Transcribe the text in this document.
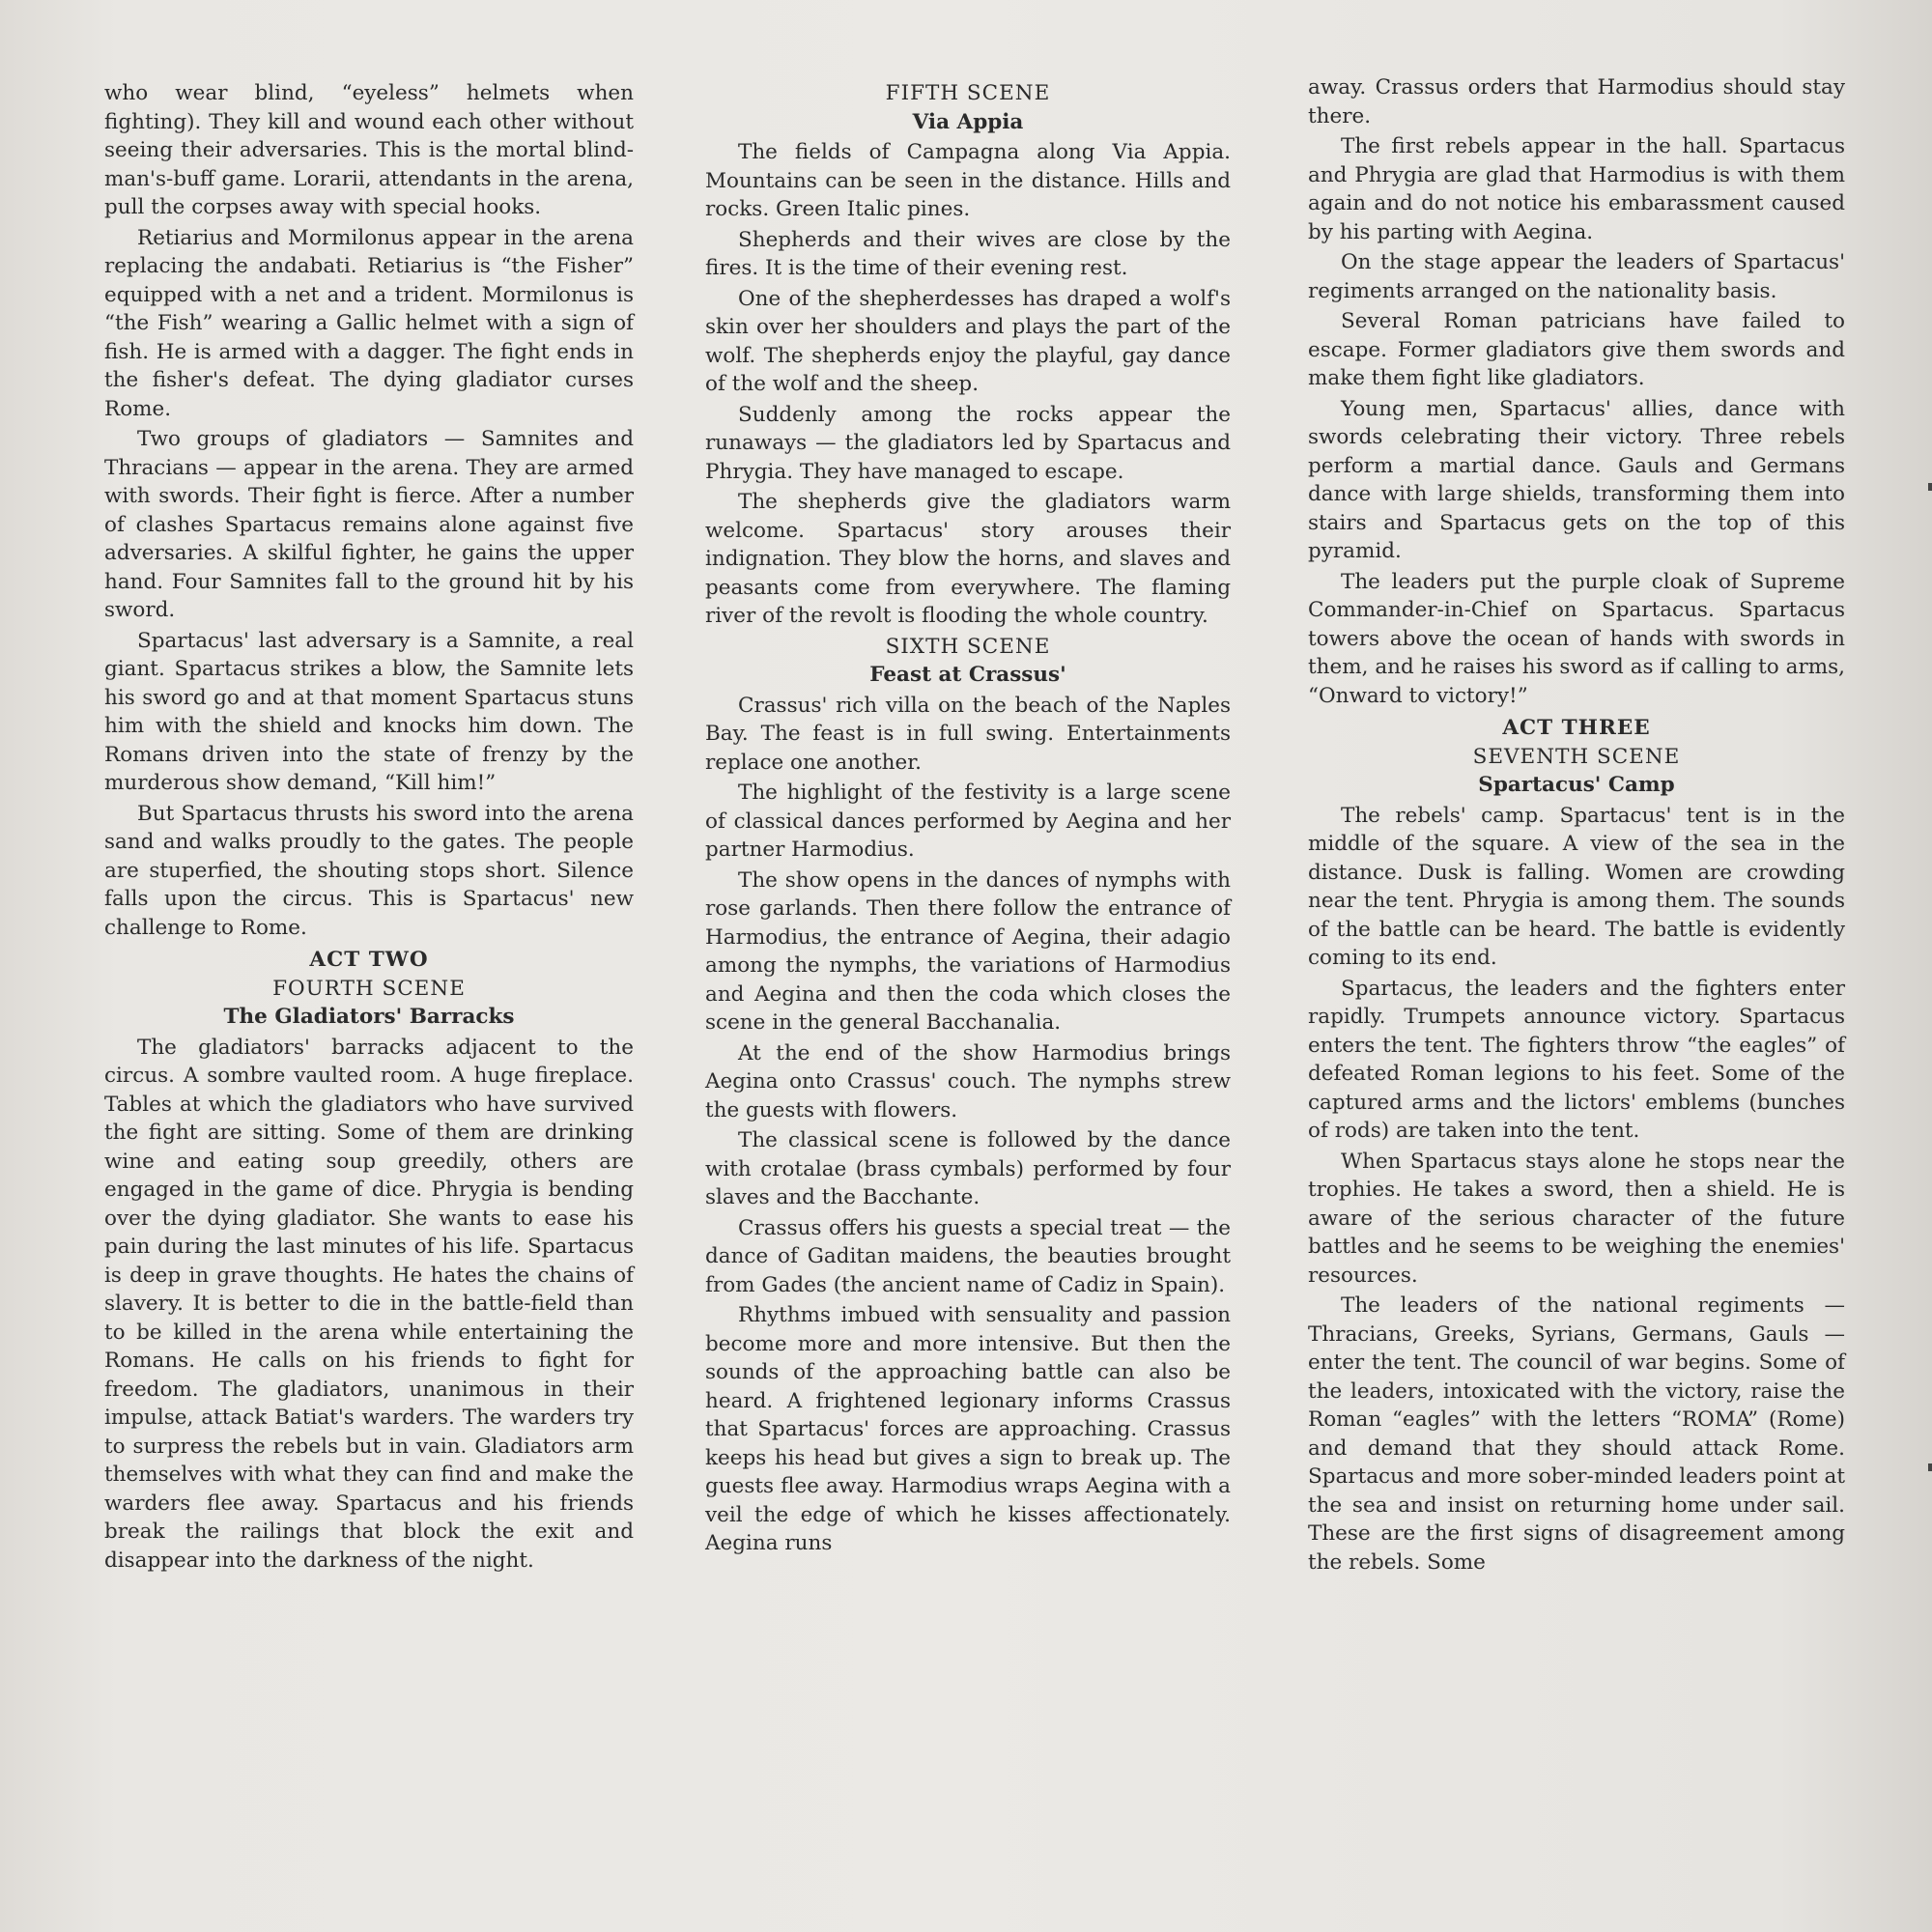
who wear blind, “eyeless” helmets when fighting). They kill and wound each other without seeing their adversaries. This is the mortal blind-man's-buff game. Lorarii, attendants in the arena, pull the corpses away with special hooks.

Retiarius and Mormilonus appear in the arena replacing the andabati. Retiarius is “the Fisher” equipped with a net and a trident. Mormilonus is “the Fish” wearing a Gallic helmet with a sign of fish. He is armed with a dagger. The fight ends in the fisher's defeat. The dying gladiator curses Rome.

Two groups of gladiators — Samnites and Thracians — appear in the arena. They are armed with swords. Their fight is fierce. After a number of clashes Spartacus remains alone against five adversaries. A skilful fighter, he gains the upper hand. Four Samnites fall to the ground hit by his sword.

Spartacus' last adversary is a Samnite, a real giant. Spartacus strikes a blow, the Samnite lets his sword go and at that moment Spartacus stuns him with the shield and knocks him down. The Romans driven into the state of frenzy by the murderous show demand, “Kill him!”

But Spartacus thrusts his sword into the arena sand and walks proudly to the gates. The people are stuperfied, the shouting stops short. Silence falls upon the circus. This is Spartacus' new challenge to Rome.

ACT TWO
FOURTH SCENE
The Gladiators' Barracks

The gladiators' barracks adjacent to the circus. A sombre vaulted room. A huge fireplace. Tables at which the gladiators who have survived the fight are sitting. Some of them are drinking wine and eating soup greedily, others are engaged in the game of dice. Phrygia is bending over the dying gladiator. She wants to ease his pain during the last minutes of his life. Spartacus is deep in grave thoughts. He hates the chains of slavery. It is better to die in the battle-field than to be killed in the arena while entertaining the Romans. He calls on his friends to fight for freedom. The gladiators, unanimous in their impulse, attack Batiat's warders. The warders try to surpress the rebels but in vain. Gladiators arm themselves with what they can find and make the warders flee away. Spartacus and his friends break the railings that block the exit and disappear into the darkness of the night.

FIFTH SCENE
Via Appia

The fields of Campagna along Via Appia. Mountains can be seen in the distance. Hills and rocks. Green Italic pines.

Shepherds and their wives are close by the fires. It is the time of their evening rest.

One of the shepherdesses has draped a wolf's skin over her shoulders and plays the part of the wolf. The shepherds enjoy the playful, gay dance of the wolf and the sheep.

Suddenly among the rocks appear the runaways — the gladiators led by Spartacus and Phrygia. They have managed to escape.

The shepherds give the gladiators warm welcome. Spartacus' story arouses their indignation. They blow the horns, and slaves and peasants come from everywhere. The flaming river of the revolt is flooding the whole country.

SIXTH SCENE
Feast at Crassus'

Crassus' rich villa on the beach of the Naples Bay. The feast is in full swing. Entertainments replace one another.

The highlight of the festivity is a large scene of classical dances performed by Aegina and her partner Harmodius.

The show opens in the dances of nymphs with rose garlands. Then there follow the entrance of Harmodius, the entrance of Aegina, their adagio among the nymphs, the variations of Harmodius and Aegina and then the coda which closes the scene in the general Bacchanalia.

At the end of the show Harmodius brings Aegina onto Crassus' couch. The nymphs strew the guests with flowers.

The classical scene is followed by the dance with crotalae (brass cymbals) performed by four slaves and the Bacchante.

Crassus offers his guests a special treat — the dance of Gaditan maidens, the beauties brought from Gades (the ancient name of Cadiz in Spain).

Rhythms imbued with sensuality and passion become more and more intensive. But then the sounds of the approaching battle can also be heard. A frightened legionary informs Crassus that Spartacus' forces are approaching. Crassus keeps his head but gives a sign to break up. The guests flee away. Harmodius wraps Aegina with a veil the edge of which he kisses affectionately. Aegina runs

away. Crassus orders that Harmodius should stay there.

The first rebels appear in the hall. Spartacus and Phrygia are glad that Harmodius is with them again and do not notice his embarassment caused by his parting with Aegina.

On the stage appear the leaders of Spartacus' regiments arranged on the nationality basis.

Several Roman patricians have failed to escape. Former gladiators give them swords and make them fight like gladiators.

Young men, Spartacus' allies, dance with swords celebrating their victory. Three rebels perform a martial dance. Gauls and Germans dance with large shields, transforming them into stairs and Spartacus gets on the top of this pyramid.

The leaders put the purple cloak of Supreme Commander-in-Chief on Spartacus. Spartacus towers above the ocean of hands with swords in them, and he raises his sword as if calling to arms, “Onward to victory!”

ACT THREE
SEVENTH SCENE
Spartacus' Camp

The rebels' camp. Spartacus' tent is in the middle of the square. A view of the sea in the distance. Dusk is falling. Women are crowding near the tent. Phrygia is among them. The sounds of the battle can be heard. The battle is evidently coming to its end.

Spartacus, the leaders and the fighters enter rapidly. Trumpets announce victory. Spartacus enters the tent. The fighters throw “the eagles” of defeated Roman legions to his feet. Some of the captured arms and the lictors' emblems (bunches of rods) are taken into the tent.

When Spartacus stays alone he stops near the trophies. He takes a sword, then a shield. He is aware of the serious character of the future battles and he seems to be weighing the enemies' resources.

The leaders of the national regiments — Thracians, Greeks, Syrians, Germans, Gauls — enter the tent. The council of war begins. Some of the leaders, intoxicated with the victory, raise the Roman “eagles” with the letters “ROMA” (Rome) and demand that they should attack Rome. Spartacus and more sober-minded leaders point at the sea and insist on returning home under sail. These are the first signs of disagreement among the rebels. Some
